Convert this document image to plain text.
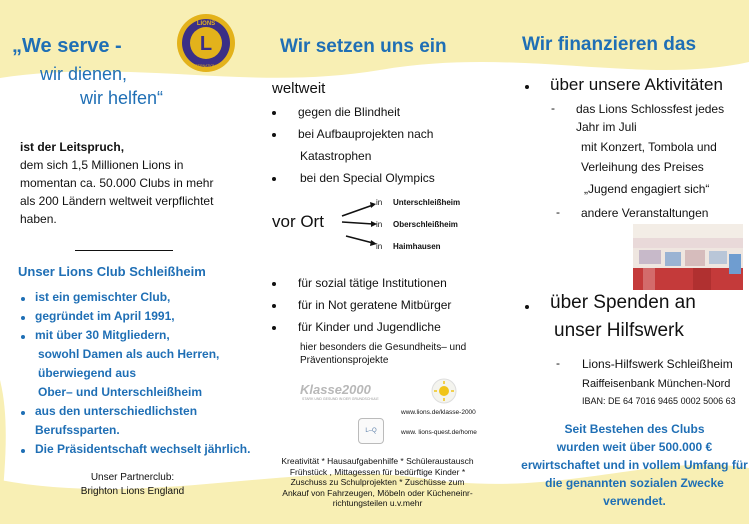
„We serve -
wir dienen,
wir helfen“
ist der Leitspruch,
dem sich 1,5 Millionen Lions in
momentan ca. 50.000 Clubs in mehr
als 200 Ländern weltweit verpflichtet
haben.
Unser Lions Club Schleißheim
ist ein gemischter Club,
gegründet im April 1991,
mit über 30 Mitgliedern,
sowohl Damen als auch Herren,
überwiegend aus
Ober– und Unterschleißheim
aus den unterschiedlichsten
Berufssparten.
Die Präsidentschaft wechselt jährlich.
Unser Partnerclub:
Brighton Lions England
L
LIONS
INTERNATIONAL
Wir setzen uns ein
weltweit
gegen die Blindheit
bei Aufbauprojekten nach
Katastrophen
bei den Special Olympics
vor Ort
in Unterschleißheim
in Oberschleißheim
in Haimhausen
für sozial tätige Institutionen
für in Not geratene Mitbürger
für Kinder und Jugendliche
hier besonders die Gesundheits– und
Präventionsprojekte
Klasse2000
STARK UND GESUND IN DER GRUNDSCHULE
www.lions.de/klasse-2000
L–Q	www. lions-quest.de/home
Kreativität * Hausaufgabenhilfe * Schüleraustausch
Frühstück , Mittagessen für bedürftige Kinder *
Zuschuss zu Schulprojekten * Zuschüsse zum
Ankauf von Fahrzeugen, Möbeln oder Kücheneinr-
richtungsteilen u.v.mehr
Wir finanzieren das
über unsere Aktivitäten
- das Lions Schlossfest jedes
Jahr im Juli
mit Konzert, Tombola und
Verleihung des Preises
„Jugend engagiert sich“
- andere Veranstaltungen
über Spenden an
unser Hilfswerk
- Lions-Hilfswerk Schleißheim
Raiffeisenbank München-Nord
IBAN: DE 64 7016 9465 0002 5006 63
Seit Bestehen des Clubs
wurden weit über 500.000 €
erwirtschaftet und in vollem Umfang für
die genannten sozialen Zwecke
verwendet.
